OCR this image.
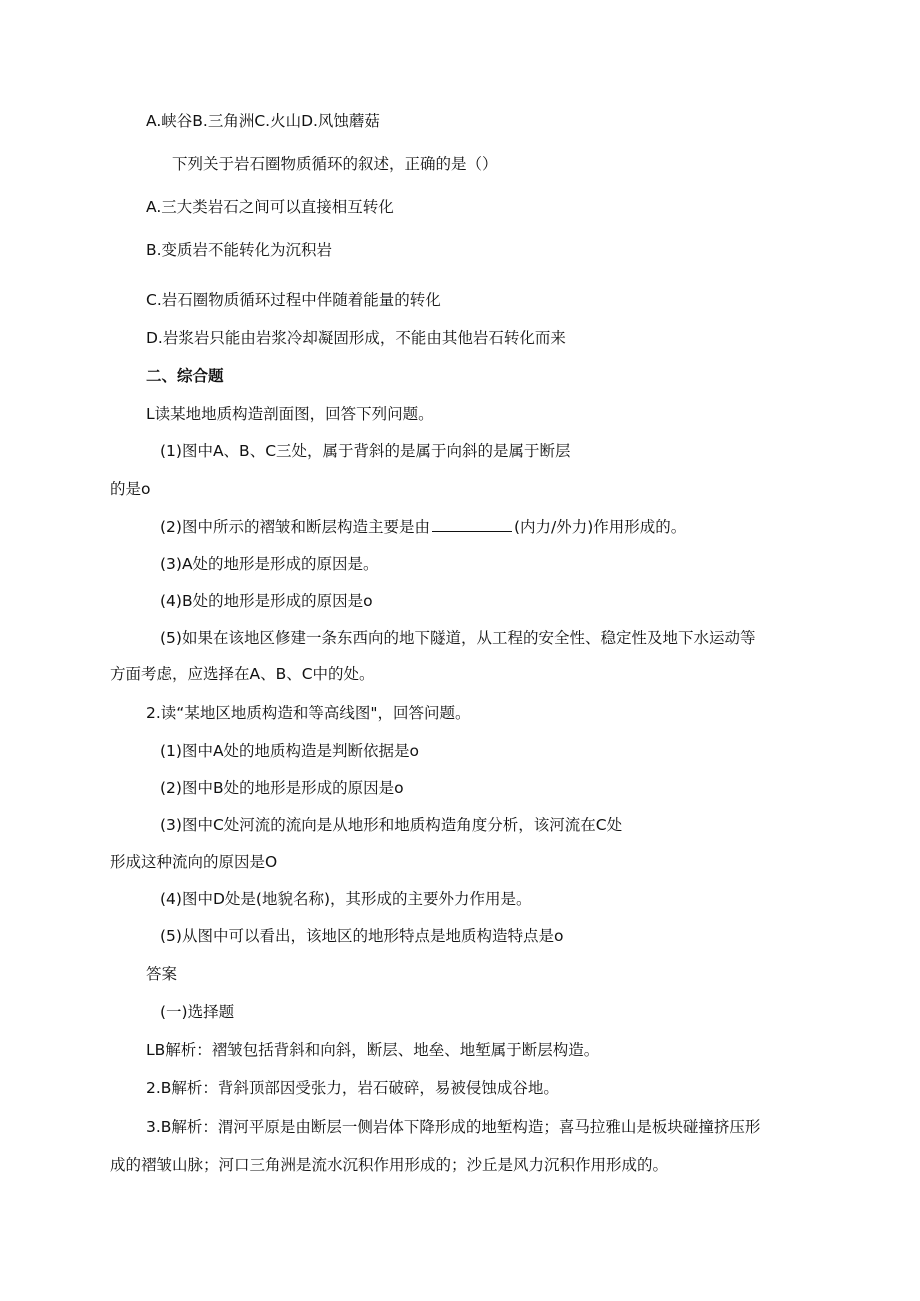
A.峡谷B.三角洲C.火山D.风蚀蘑菇
下列关于岩石圈物质循环的叙述，正确的是（）
A.三大类岩石之间可以直接相互转化
B.变质岩不能转化为沉积岩
C.岩石圈物质循环过程中伴随着能量的转化
D.岩浆岩只能由岩浆冷却凝固形成，不能由其他岩石转化而来
二、综合题
L读某地地质构造剖面图，回答下列问题。
(1)图中A、B、C三处，属于背斜的是属于向斜的是属于断层
的是o
(2)图中所示的褶皱和断层构造主要是由	(内力/外力)作用形成的。
(3)A处的地形是形成的原因是。
(4)B处的地形是形成的原因是o
(5)如果在该地区修建一条东西向的地下隧道，从工程的安全性、稳定性及地下水运动等
方面考虑，应选择在A、B、C中的处。
2.读“某地区地质构造和等高线图"，回答问题。
(1)图中A处的地质构造是判断依据是o
(2)图中B处的地形是形成的原因是o
(3)图中C处河流的流向是从地形和地质构造角度分析，该河流在C处
形成这种流向的原因是O
(4)图中D处是(地貌名称)，其形成的主要外力作用是。
(5)从图中可以看出，该地区的地形特点是地质构造特点是o
答案
(一)选择题
LB解析：褶皱包括背斜和向斜，断层、地垒、地堑属于断层构造。
2.B解析：背斜顶部因受张力，岩石破碎，易被侵蚀成谷地。
3.B解析：渭河平原是由断层一侧岩体下降形成的地堑构造；喜马拉雅山是板块碰撞挤压形
成的褶皱山脉；河口三角洲是流水沉积作用形成的；沙丘是风力沉积作用形成的。
